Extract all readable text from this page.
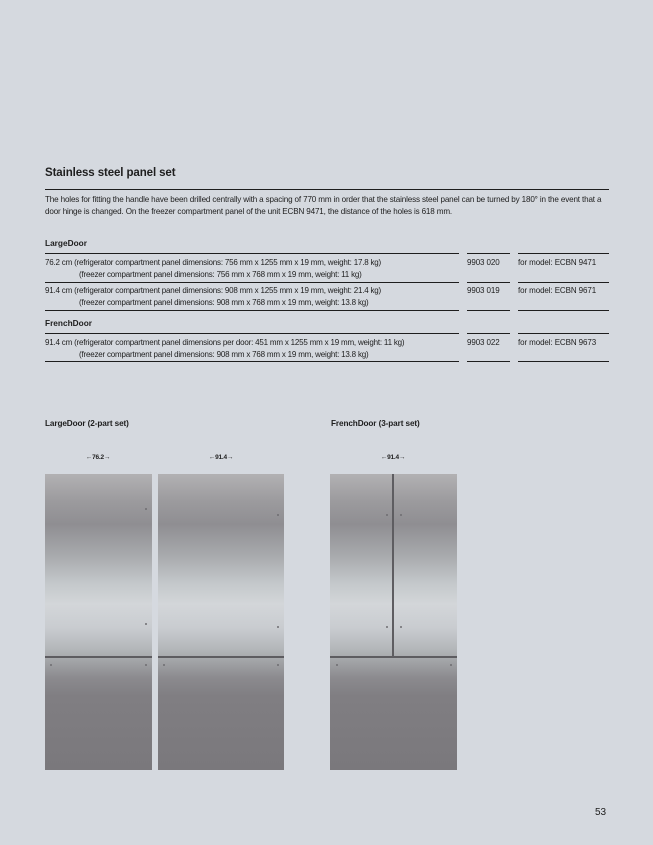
Stainless steel panel set
The holes for fitting the handle have been drilled centrally with a spacing of 770 mm in order that the stainless steel panel can be turned by 180° in the event that a door hinge is changed. On the freezer compartment panel of the unit ECBN 9471, the distance of the holes is 618 mm.
LargeDoor
76.2 cm (refrigerator compartment panel dimensions: 756 mm x 1255 mm x 19 mm, weight: 17.8 kg)
(freezer compartment panel dimensions: 756 mm x 768 mm x 19 mm, weight: 11 kg)
9903 020 for model: ECBN 9471
91.4 cm (refrigerator compartment panel dimensions: 908 mm x 1255 mm x 19 mm, weight: 21.4 kg)
(freezer compartment panel dimensions: 908 mm x 768 mm x 19 mm, weight: 13.8 kg)
9903 019 for model: ECBN 9671
FrenchDoor
91.4 cm (refrigerator compartment panel dimensions per door: 451 mm x 1255 mm x 19 mm, weight: 11 kg)
(freezer compartment panel dimensions: 908 mm x 768 mm x 19 mm, weight: 13.8 kg)
9903 022 for model: ECBN 9673
LargeDoor (2-part set)	FrenchDoor (3-part set)
←76.2→	←91.4→	←91.4→
53
